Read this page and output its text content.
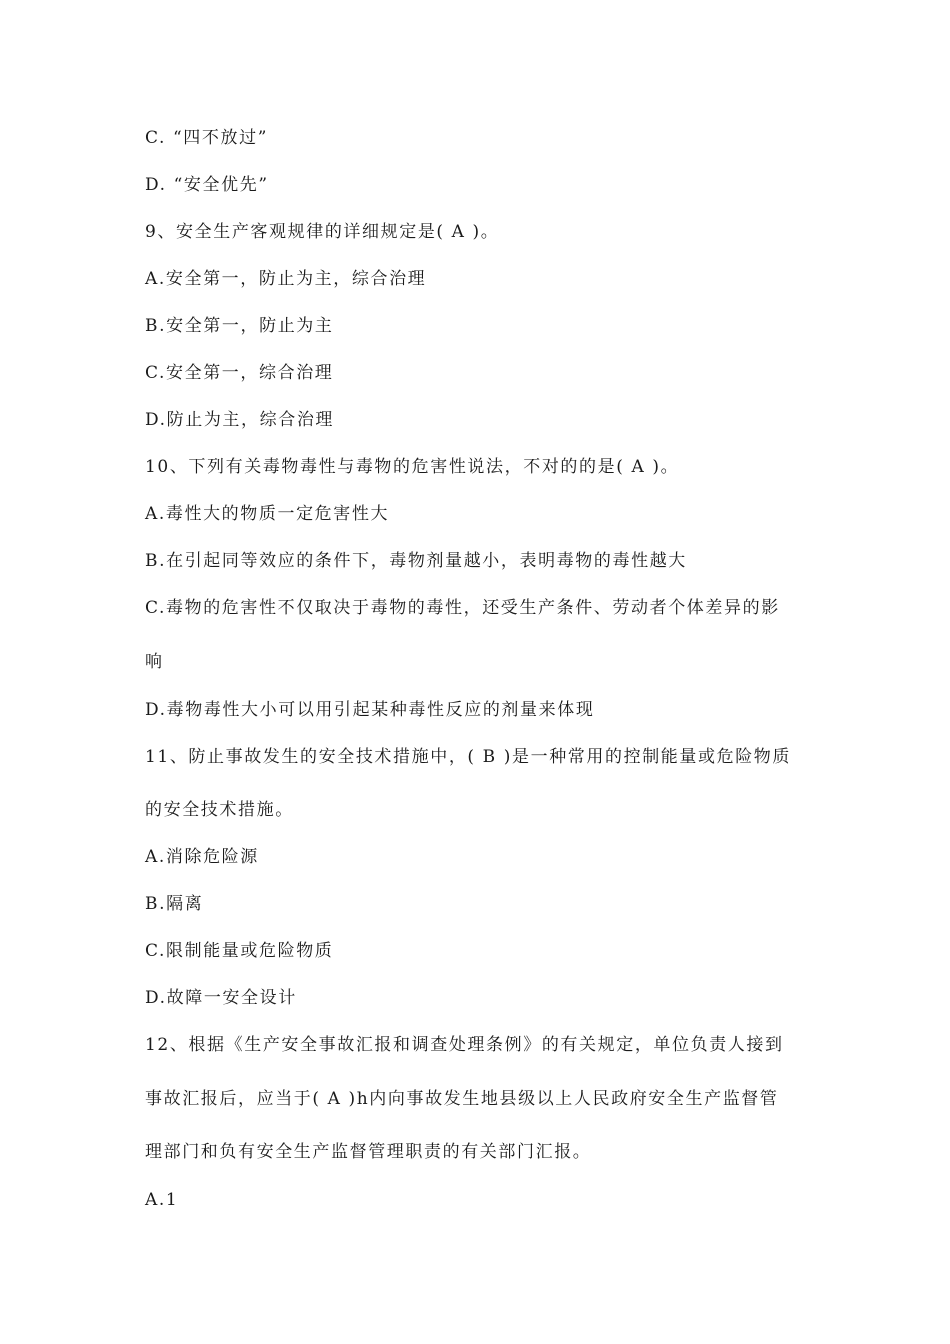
C. “四不放过”
D. “安全优先”
9、安全生产客观规律的详细规定是( A )。
A.安全第一，防止为主，综合治理
B.安全第一，防止为主
C.安全第一，综合治理
D.防止为主，综合治理
10、下列有关毒物毒性与毒物的危害性说法，不对的的是( A )。
A.毒性大的物质一定危害性大
B.在引起同等效应的条件下，毒物剂量越小，表明毒物的毒性越大
C.毒物的危害性不仅取决于毒物的毒性，还受生产条件、劳动者个体差异的影
响
D.毒物毒性大小可以用引起某种毒性反应的剂量来体现
11、防止事故发生的安全技术措施中，( B )是一种常用的控制能量或危险物质
的安全技术措施。
A.消除危险源
B.隔离
C.限制能量或危险物质
D.故障一安全设计
12、根据《生产安全事故汇报和调查处理条例》的有关规定，单位负责人接到
事故汇报后，应当于( A )h内向事故发生地县级以上人民政府安全生产监督管
理部门和负有安全生产监督管理职责的有关部门汇报。
A.1
